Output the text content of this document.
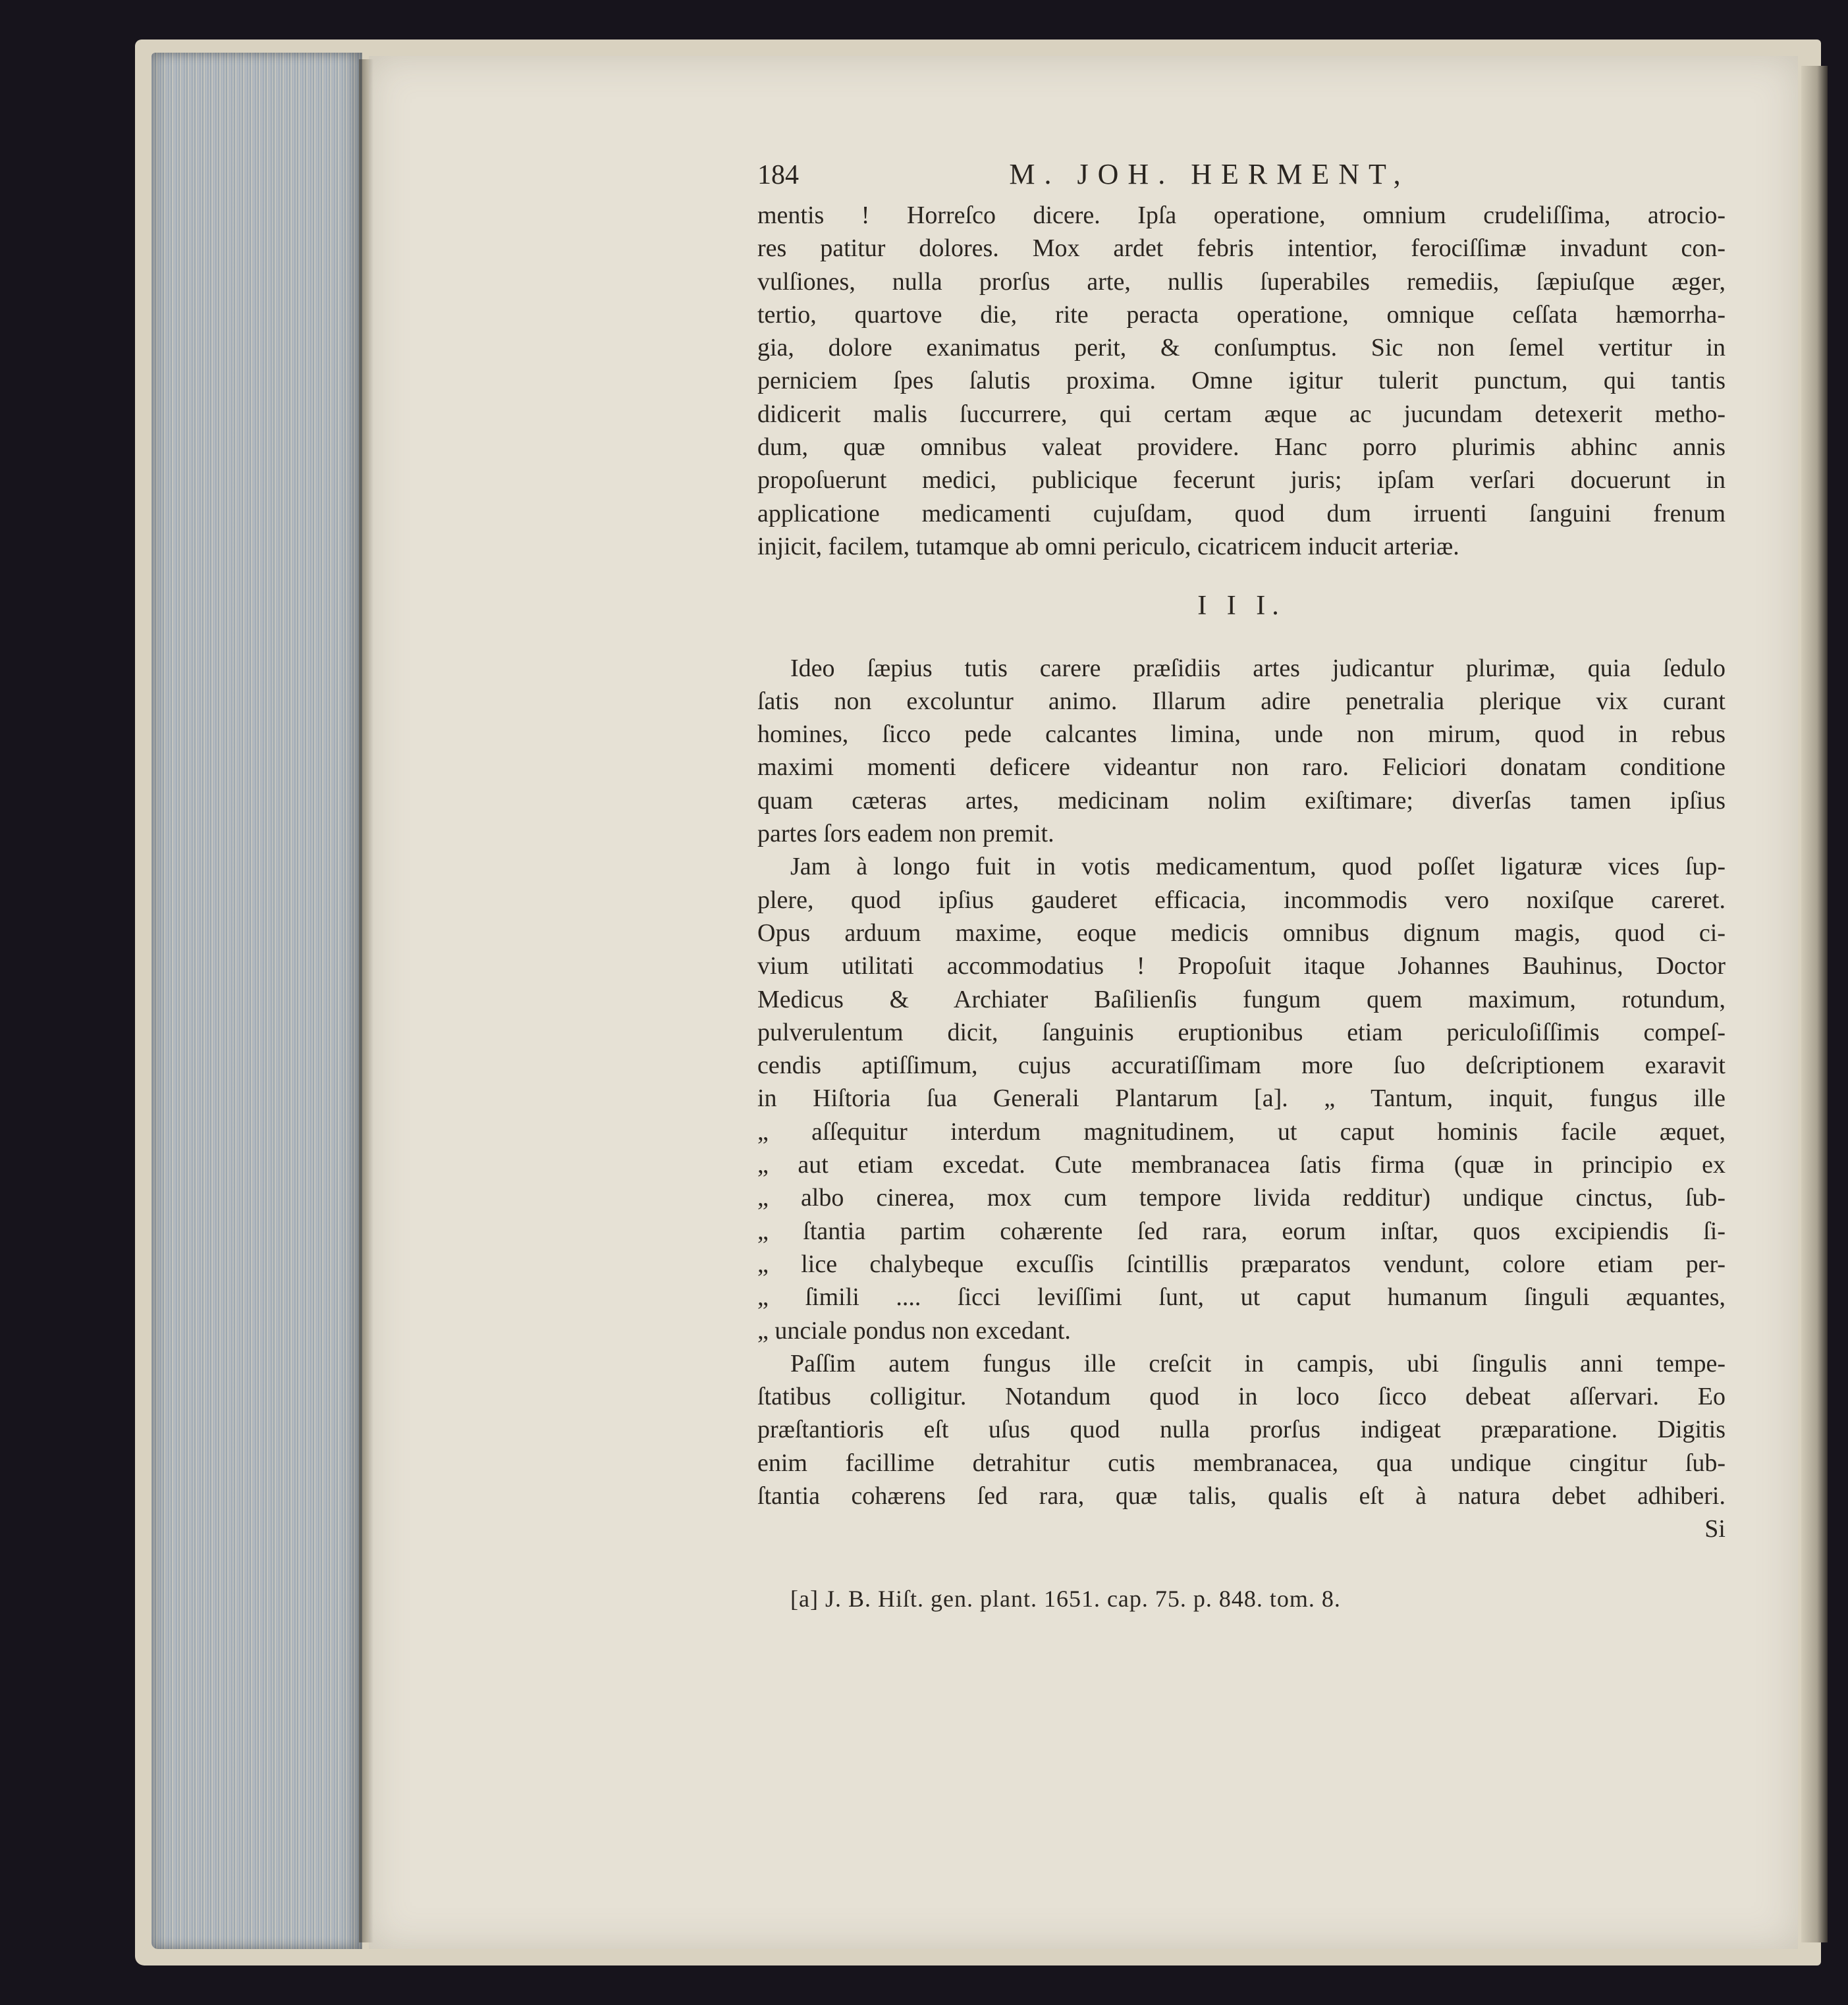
184	M. JOH. HERMENT,
mentis ! Horreſco dicere. Ipſa operatione, omnium crudeliſſima, atrocio-
res patitur dolores. Mox ardet febris intentior, ferociſſimæ invadunt con-
vulſiones, nulla prorſus arte, nullis ſuperabiles remediis, ſæpiuſque æger,
tertio, quartove die, rite peracta operatione, omnique ceſſata hæmorrha-
gia, dolore exanimatus perit, & conſumptus. Sic non ſemel vertitur in
perniciem ſpes ſalutis proxima. Omne igitur tulerit punctum, qui tantis
didicerit malis ſuccurrere, qui certam æque ac jucundam detexerit metho-
dum, quæ omnibus valeat providere. Hanc porro plurimis abhinc annis
propoſuerunt medici, publicique fecerunt juris; ipſam verſari docuerunt in
applicatione medicamenti cujuſdam, quod dum irruenti ſanguini frenum
injicit, facilem, tutamque ab omni periculo, cicatricem inducit arteriæ.
I I I.
Ideo ſæpius tutis carere præſidiis artes judicantur plurimæ, quia ſedulo
ſatis non excoluntur animo. Illarum adire penetralia plerique vix curant
homines, ſicco pede calcantes limina, unde non mirum, quod in rebus
maximi momenti deficere videantur non raro. Feliciori donatam conditione
quam cæteras artes, medicinam nolim exiſtimare; diverſas tamen ipſius
partes ſors eadem non premit.
Jam à longo fuit in votis medicamentum, quod poſſet ligaturæ vices ſup-
plere, quod ipſius gauderet efficacia, incommodis vero noxiſque careret.
Opus arduum maxime, eoque medicis omnibus dignum magis, quod ci-
vium utilitati accommodatius ! Propoſuit itaque Johannes Bauhinus, Doctor
Medicus & Archiater Baſilienſis fungum quem maximum, rotundum,
pulverulentum dicit, ſanguinis eruptionibus etiam periculoſiſſimis compeſ-
cendis aptiſſimum, cujus accuratiſſimam more ſuo deſcriptionem exaravit
in Hiſtoria ſua Generali Plantarum [a]. „ Tantum, inquit, fungus ille
„ aſſequitur interdum magnitudinem, ut caput hominis facile æquet,
„ aut etiam excedat. Cute membranacea ſatis firma (quæ in principio ex
„ albo cinerea, mox cum tempore livida redditur) undique cinctus, ſub-
„ ſtantia partim cohærente ſed rara, eorum inſtar, quos excipiendis ſi-
„ lice chalybeque excuſſis ſcintillis præparatos vendunt, colore etiam per-
„ ſimili .... ſicci leviſſimi ſunt, ut caput humanum ſinguli æquantes,
„ unciale pondus non excedant.
Paſſim autem fungus ille creſcit in campis, ubi ſingulis anni tempe-
ſtatibus colligitur. Notandum quod in loco ſicco debeat aſſervari. Eo
præſtantioris eſt uſus quod nulla prorſus indigeat præparatione. Digitis
enim facillime detrahitur cutis membranacea, qua undique cingitur ſub-
ſtantia cohærens ſed rara, quæ talis, qualis eſt à natura debet adhiberi.
Si
[a] J. B. Hiſt. gen. plant. 1651. cap. 75. p. 848. tom. 8.
